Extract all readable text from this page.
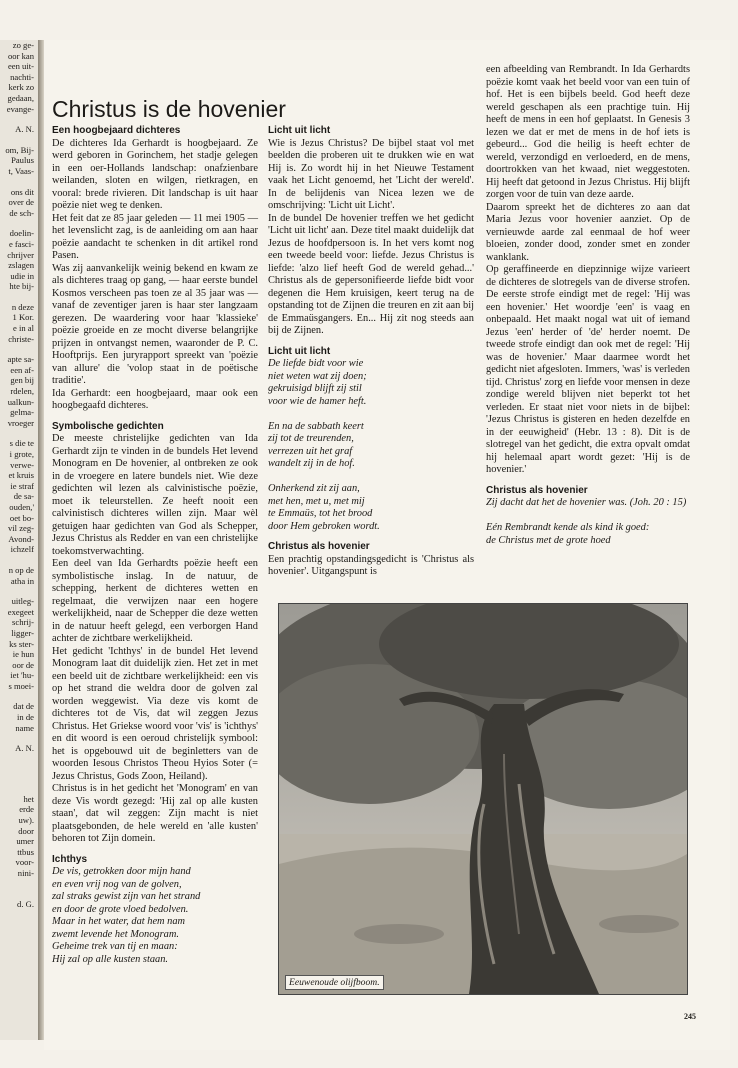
zo ge-
oor kan
een uit-
nachti-
kerk zo
gedaan,
evange-
A. N.
om, Bij-
Paulus
t, Vaas-
ons dit
over de
de sch-
doelin-
e fasci-
chrijver
zslagen
udie in
hte bij-
n deze
1 Kor.
e in al
christe-
apte sa-
een af-
gen bij
rdelen,
ualkun-
gelma-
vroeger
s die te
i grote,
verwe-
et kruis
ie straf
de sa-
ouden,'
oet bo-
vil zeg-
Avond-
ichzelf
n op de
atha in
uitleg-
exegeet
schrij-
ligger-
ks ster-
ie hun
oor de
iet 'hu-
s moei-
dat de
in de
name
A. N.
het
erde
uw).
door
umer
ttbus
voor-
nini-
d. G.
Christus is de hovenier
Een hoogbejaard dichteres

De dichteres Ida Gerhardt is hoogbejaard. Ze werd geboren in Gorinchem, het stadje gelegen in een oer-Hollands landschap: onafzienbare weilanden, sloten en wilgen, rietkragen, en vooral: brede rivieren. Dit landschap is uit haar poëzie niet weg te denken.

Het feit dat ze 85 jaar geleden — 11 mei 1905 — het levenslicht zag, is de aanleiding om aan haar poëzie aandacht te schenken in dit artikel rond Pasen.

Was zij aanvankelijk weinig bekend en kwam ze als dichteres traag op gang, — haar eerste bundel Kosmos verscheen pas toen ze al 35 jaar was — vanaf de zeventiger jaren is haar ster langzaam gerezen. De waardering voor haar 'klassieke' poëzie groeide en ze mocht diverse belangrijke prijzen in ontvangst nemen, waaronder de P. C. Hooftprijs. Een juryrapport spreekt van 'poëzie van allure' die 'volop staat in de poëtische traditie'.

Ida Gerhardt: een hoogbejaard, maar ook een hoogbegaafd dichteres.

Symbolische gedichten

De meeste christelijke gedichten van Ida Gerhardt zijn te vinden in de bundels Het levend Monogram en De hovenier, al ontbreken ze ook in de vroegere en latere bundels niet. Wie deze gedichten wil lezen als calvinistische poëzie, moet ik teleurstellen. Ze heeft nooit een calvinistisch dichteres willen zijn. Maar wèl getuigen haar gedichten van God als Schepper, Jezus Christus als Redder en van een christelijke toekomstverwachting.

Een deel van Ida Gerhardts poëzie heeft een symbolistische inslag. In de natuur, de schepping, herkent de dichteres wetten en regelmaat, die verwijzen naar een hogere werkelijkheid, naar de Schepper die deze wetten in de natuur heeft gelegd, een verborgen Hand achter de zichtbare werkelijkheid.

Het gedicht 'Ichthys' in de bundel Het levend Monogram laat dit duidelijk zien. Het zet in met een beeld uit de zichtbare werkelijkheid: een vis op het strand die weldra door de golven zal worden weggewist. Via deze vis komt de dichteres tot de Vis, dat wil zeggen Jezus Christus. Het Griekse woord voor 'vis' is 'ichthys' en dit woord is een oeroud christelijk symbool: het is opgebouwd uit de beginletters van de woorden Iesous Christos Theou Hyios Soter (= Jezus Christus, Gods Zoon, Heiland).

Christus is in het gedicht het 'Monogram' en van deze Vis wordt gezegd: 'Hij zal op alle kusten staan', dat wil zeggen: Zijn macht is niet plaatsgebonden, de hele wereld en 'alle kusten' behoren tot Zijn domein.

Ichthys

De vis, getrokken door mijn hand
en even vrij nog van de golven,
zal straks gewist zijn van het strand
en door de grote vloed bedolven.
Maar in het water, dat hem nam
zwemt levende het Monogram.
Geheime trek van tij en maan:
Hij zal op alle kusten staan.

Licht uit licht

Wie is Jezus Christus? De bijbel staat vol met beelden die proberen uit te drukken wie en wat Hij is. Zo wordt hij in het Nieuwe Testament vaak het Licht genoemd, het 'Licht der wereld'. In de belijdenis van Nicea lezen we de omschrijving: 'Licht uit Licht'.

In de bundel De hovenier treffen we het gedicht 'Licht uit licht' aan. Deze titel maakt duidelijk dat Jezus de hoofdpersoon is. In het vers komt nog een tweede beeld voor: liefde. Jezus Christus is liefde: 'alzo lief heeft God de wereld gehad...' Christus als de gepersonifieerde liefde bidt voor degenen die Hem kruisigen, keert terug na de opstanding tot de Zijnen die treuren en zit aan bij de Emmaüsgangers. En... Hij zit nog steeds aan bij de Zijnen.

Licht uit licht

De liefde bidt voor wie
niet weten wat zij doen;
gekruisigd blijft zij stil
voor wie de hamer heft.

En na de sabbath keert
zij tot de treurenden,
verrezen uit het graf
wandelt zij in de hof.

Onherkend zit zij aan,
met hen, met u, met mij
te Emmaüs, tot het brood
door Hem gebroken wordt.

Christus als hovenier

Een prachtig opstandingsgedicht is 'Christus als hovenier'. Uitgangspunt is

een afbeelding van Rembrandt. In Ida Gerhardts poëzie komt vaak het beeld voor van een tuin of hof. Het is een bijbels beeld. God heeft deze wereld geschapen als een prachtige tuin. Hij heeft de mens in een hof geplaatst. In Genesis 3 lezen we dat er met de mens in de hof iets is gebeurd... God die heilig is heeft echter de wereld, verzondigd en verloederd, en de mens, doortrokken van het kwaad, niet weggestoten. Hij heeft dat getoond in Jezus Christus. Hij blijft zorgen voor de tuin van deze aarde.

Daarom spreekt het de dichteres zo aan dat Maria Jezus voor hovenier aanziet. Op de vernieuwde aarde zal eenmaal de hof weer bloeien, zonder dood, zonder smet en zonder wanklank.

Op geraffineerde en diepzinnige wijze varieert de dichteres de slotregels van de diverse strofen. De eerste strofe eindigt met de regel: 'Hij was een hovenier.' Het woordje 'een' is vaag en onbepaald. Het maakt nogal wat uit of iemand Jezus 'een' herder of 'de' herder noemt. De tweede strofe eindigt dan ook met de regel: 'Hij was de hovenier.' Maar daarmee wordt het gedicht niet afgesloten. Immers, 'was' is verleden tijd. Christus' zorg en liefde voor mensen in deze zondige wereld blijven niet beperkt tot het verleden. Er staat niet voor niets in de bijbel: 'Jezus Christus is gisteren en heden dezelfde en in der eeuwigheid' (Hebr. 13 : 8). Dit is de slotregel van het gedicht, die extra opvalt omdat hij helemaal apart wordt gezet: 'Hij is de hovenier.'

Christus als hovenier

Zij dacht dat het de hovenier was. (Joh. 20 : 15)

Eén Rembrandt kende als kind ik goed:
de Christus met de grote hoed

Eeuwenoude olijfboom.
245
